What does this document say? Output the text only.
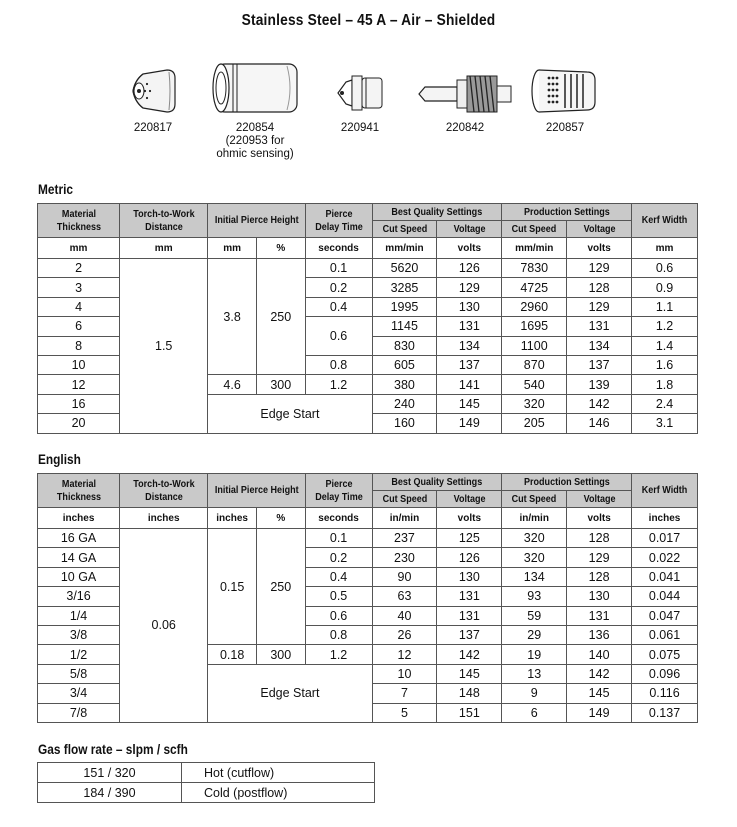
Stainless Steel – 45 A – Air – Shielded
220817	220854
(220953 for ohmic sensing)
220941	220842	220857
Metric
Material Thickness	Torch-to-Work Distance	Initial Pierce Height		Pierce Delay Time	Best Quality Settings		Production Settings		Kerf Width
					Cut Speed	Voltage	Cut Speed	Voltage	
mm	mm	mm	%	seconds	mm/min	volts	mm/min	volts	mm
2	1.5	3.8	250	0.1	5620	126	7830	129	0.6
3				0.2	3285	129	4725	128	0.9
4				0.4	1995	130	2960	129	1.1
6				0.6	1145	131	1695	131	1.2
8					830	134	1100	134	1.4
10				0.8	605	137	870	137	1.6
12		4.6	300	1.2	380	141	540	139	1.8
16		Edge Start			240	145	320	142	2.4
20					160	149	205	146	3.1
English
Material Thickness	Torch-to-Work Distance	Initial Pierce Height		Pierce Delay Time	Best Quality Settings		Production Settings		Kerf Width
					Cut Speed	Voltage	Cut Speed	Voltage	
inches	inches	inches	%	seconds	in/min	volts	in/min	volts	inches
16 GA	0.06	0.15	250	0.1	237	125	320	128	0.017
14 GA				0.2	230	126	320	129	0.022
10 GA				0.4	90	130	134	128	0.041
3/16				0.5	63	131	93	130	0.044
1/4				0.6	40	131	59	131	0.047
3/8				0.8	26	137	29	136	0.061
1/2		0.18	300	1.2	12	142	19	140	0.075
5/8		Edge Start			10	145	13	142	0.096
3/4					7	148	9	145	0.116
7/8					5	151	6	149	0.137
Gas flow rate – slpm / scfh
151 / 320	Hot (cutflow)
184 / 390	Cold (postflow)
